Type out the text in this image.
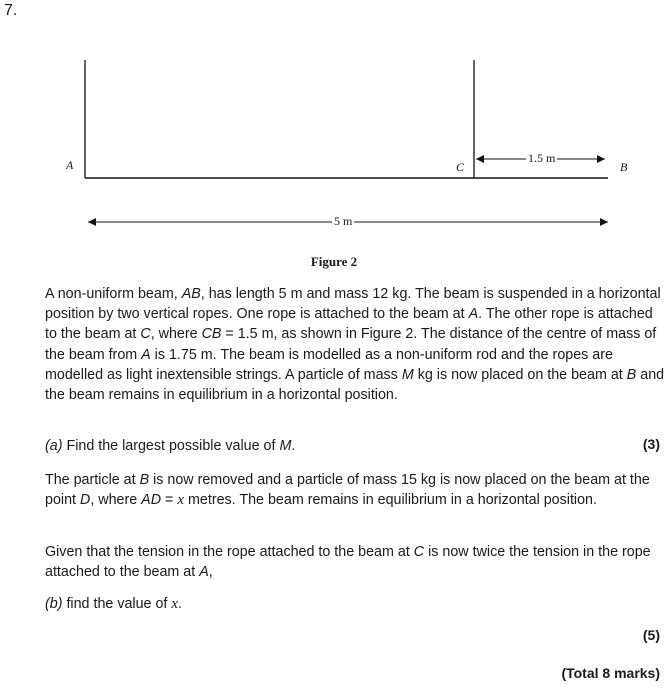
7.
A	C	B
1.5 m
5 m
Figure 2
A non-uniform beam, AB, has length 5 m and mass 12 kg. The beam is suspended in a horizontal position by two vertical ropes. One rope is attached to the beam at A. The other rope is attached to the beam at C, where CB = 1.5 m, as shown in Figure 2. The distance of the centre of mass of the beam from A is 1.75 m. The beam is modelled as a non-uniform rod and the ropes are modelled as light inextensible strings. A particle of mass M kg is now placed on the beam at B and the beam remains in equilibrium in a horizontal position.
(a) Find the largest possible value of M.	(3)
The particle at B is now removed and a particle of mass 15 kg is now placed on the beam at the point D, where AD = x metres. The beam remains in equilibrium in a horizontal position.
Given that the tension in the rope attached to the beam at C is now twice the tension in the rope attached to the beam at A,
(b) find the value of x.
(5)
(Total 8 marks)
